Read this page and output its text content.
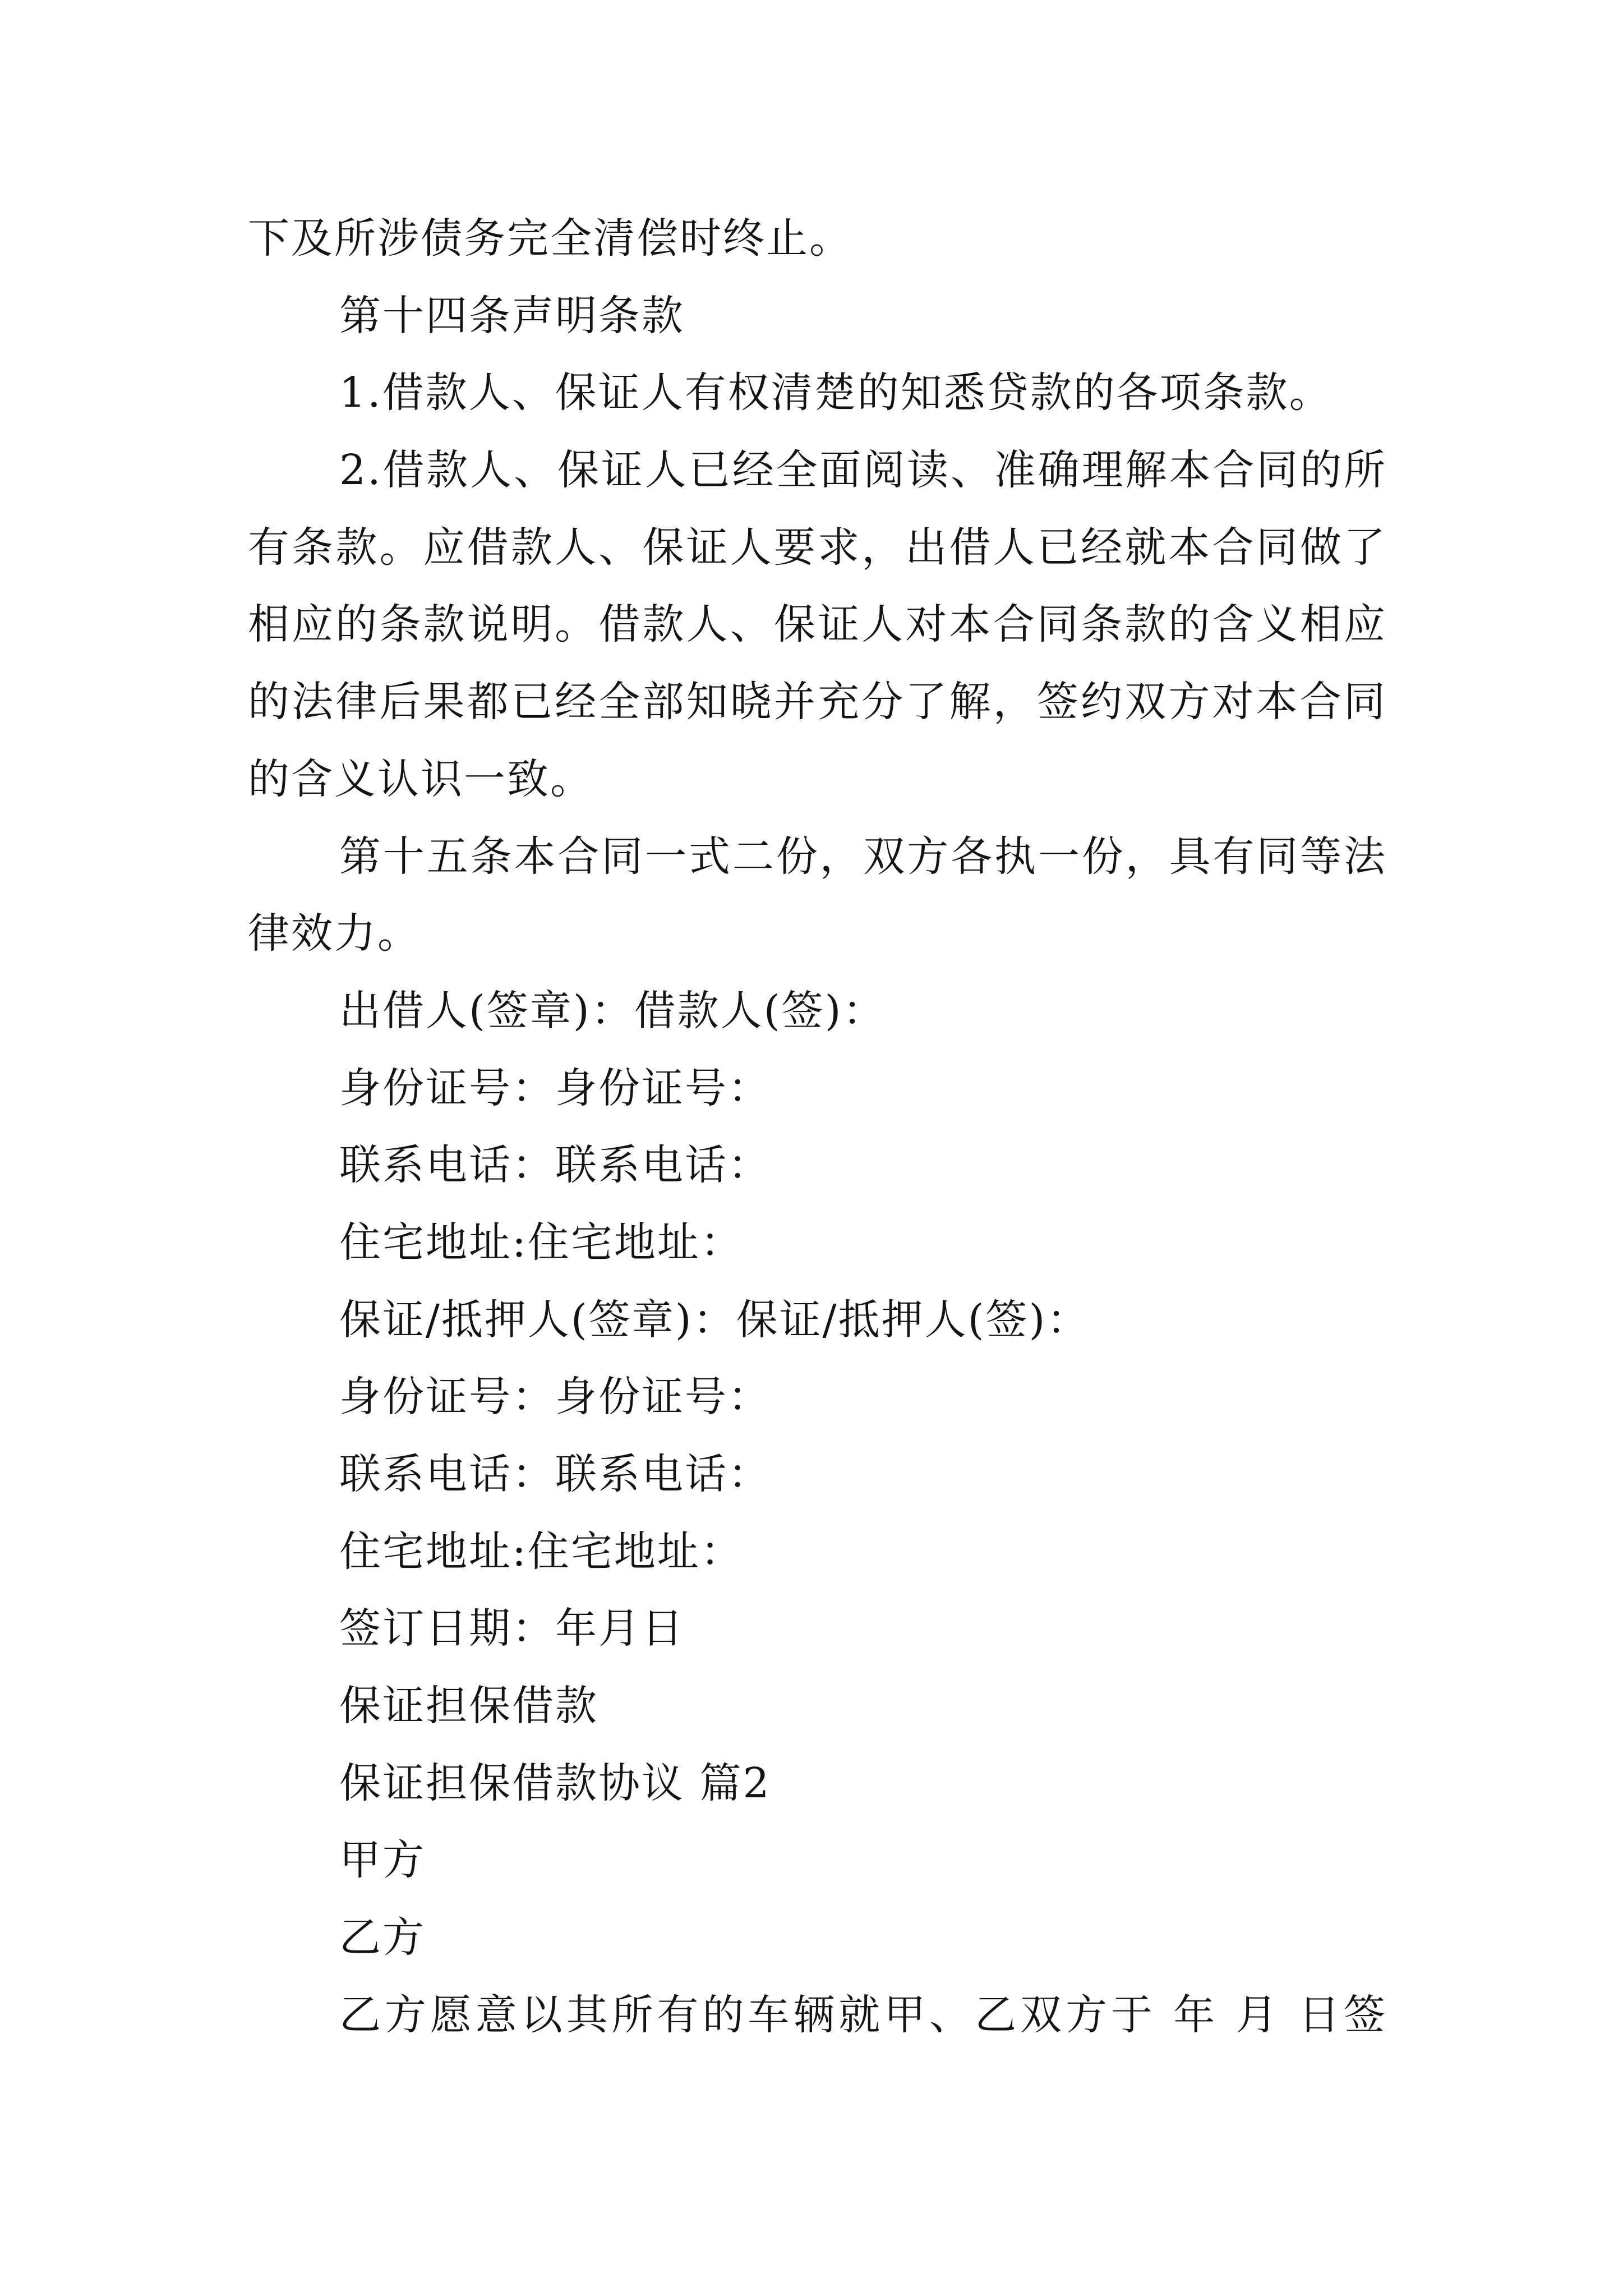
下及所涉债务完全清偿时终止。
第十四条声明条款
1.借款人、保证人有权清楚的知悉贷款的各项条款。
2.借款人、保证人已经全面阅读、准确理解本合同的所
有条款。应借款人、保证人要求，出借人已经就本合同做了
相应的条款说明。借款人、保证人对本合同条款的含义相应
的法律后果都已经全部知晓并充分了解，签约双方对本合同
的含义认识一致。
第十五条本合同一式二份，双方各执一份，具有同等法
律效力。
出借人(签章)：借款人(签)：
身份证号：身份证号：
联系电话：联系电话：
住宅地址:住宅地址：
保证/抵押人(签章)：保证/抵押人(签)：
身份证号：身份证号：
联系电话：联系电话：
住宅地址:住宅地址：
签订日期：年月日
保证担保借款
保证担保借款协议 篇2
甲方
乙方
乙方愿意以其所有的车辆就甲、乙双方于 年 月 日签
